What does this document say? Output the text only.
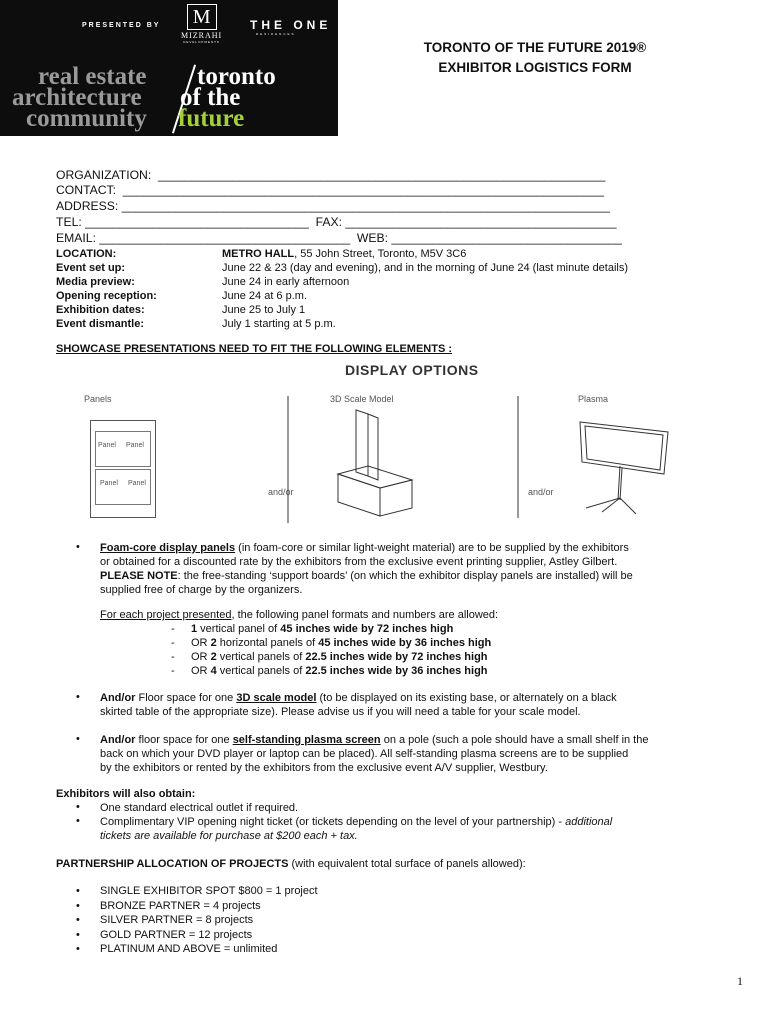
PRESENTED BY	M
MIZRAHI
DEVELOPMENTS
THE ONE
RESIDENCES
real estate
architecture
community
toronto
of the
future
TORONTO OF THE FUTURE 2019®
EXHIBITOR LOGISTICS FORM

ORGANIZATION:  __________________________________________________________________
CONTACT:  _______________________________________________________________________
ADDRESS: ________________________________________________________________________
TEL: _________________________________  FAX: ________________________________________
EMAIL: _____________________________________  WEB: __________________________________

LOCATION:	METRO HALL, 55 John Street, Toronto, M5V 3C6
Event set up:	June 22 & 23 (day and evening), and in the morning of June 24 (last minute details)
Media preview:	June 24 in early afternoon
Opening reception:	June 24 at 6 p.m.
Exhibition dates:	June 25 to July 1
Event dismantle:	July 1 starting at 5 p.m.
SHOWCASE PRESENTATIONS NEED TO FIT THE FOLLOWING ELEMENTS :
DISPLAY OPTIONS
Panels	3D Scale Model	Plasma
and/or	and/or
Panel Panel
Panel Panel
• Foam-core display panels (in foam-core or similar light-weight material) are to be supplied by the exhibitors
or obtained for a discounted rate by the exhibitors from the exclusive event printing supplier, Astley Gilbert.
PLEASE NOTE: the free-standing ‘support boards’ (on which the exhibitor display panels are installed) will be
supplied free of charge by the organizers.
For each project presented, the following panel formats and numbers are allowed:
- 1 vertical panel of 45 inches wide by 72 inches high
- OR 2 horizontal panels of 45 inches wide by 36 inches high
- OR 2 vertical panels of 22.5 inches wide by 72 inches high
- OR 4 vertical panels of 22.5 inches wide by 36 inches high
• And/or Floor space for one 3D scale model (to be displayed on its existing base, or alternately on a black
skirted table of the appropriate size). Please advise us if you will need a table for your scale model.
• And/or floor space for one self-standing plasma screen on a pole (such a pole should have a small shelf in the
back on which your DVD player or laptop can be placed). All self-standing plasma screens are to be supplied
by the exhibitors or rented by the exhibitors from the exclusive event A/V supplier, Westbury.
Exhibitors will also obtain:
• One standard electrical outlet if required.
• Complimentary VIP opening night ticket (or tickets depending on the level of your partnership) - additional
tickets are available for purchase at $200 each + tax.
PARTNERSHIP ALLOCATION OF PROJECTS (with equivalent total surface of panels allowed):
• SINGLE EXHIBITOR SPOT $800 = 1 project
• BRONZE PARTNER = 4 projects
• SILVER PARTNER = 8 projects
• GOLD PARTNER = 12 projects
• PLATINUM AND ABOVE = unlimited
1
